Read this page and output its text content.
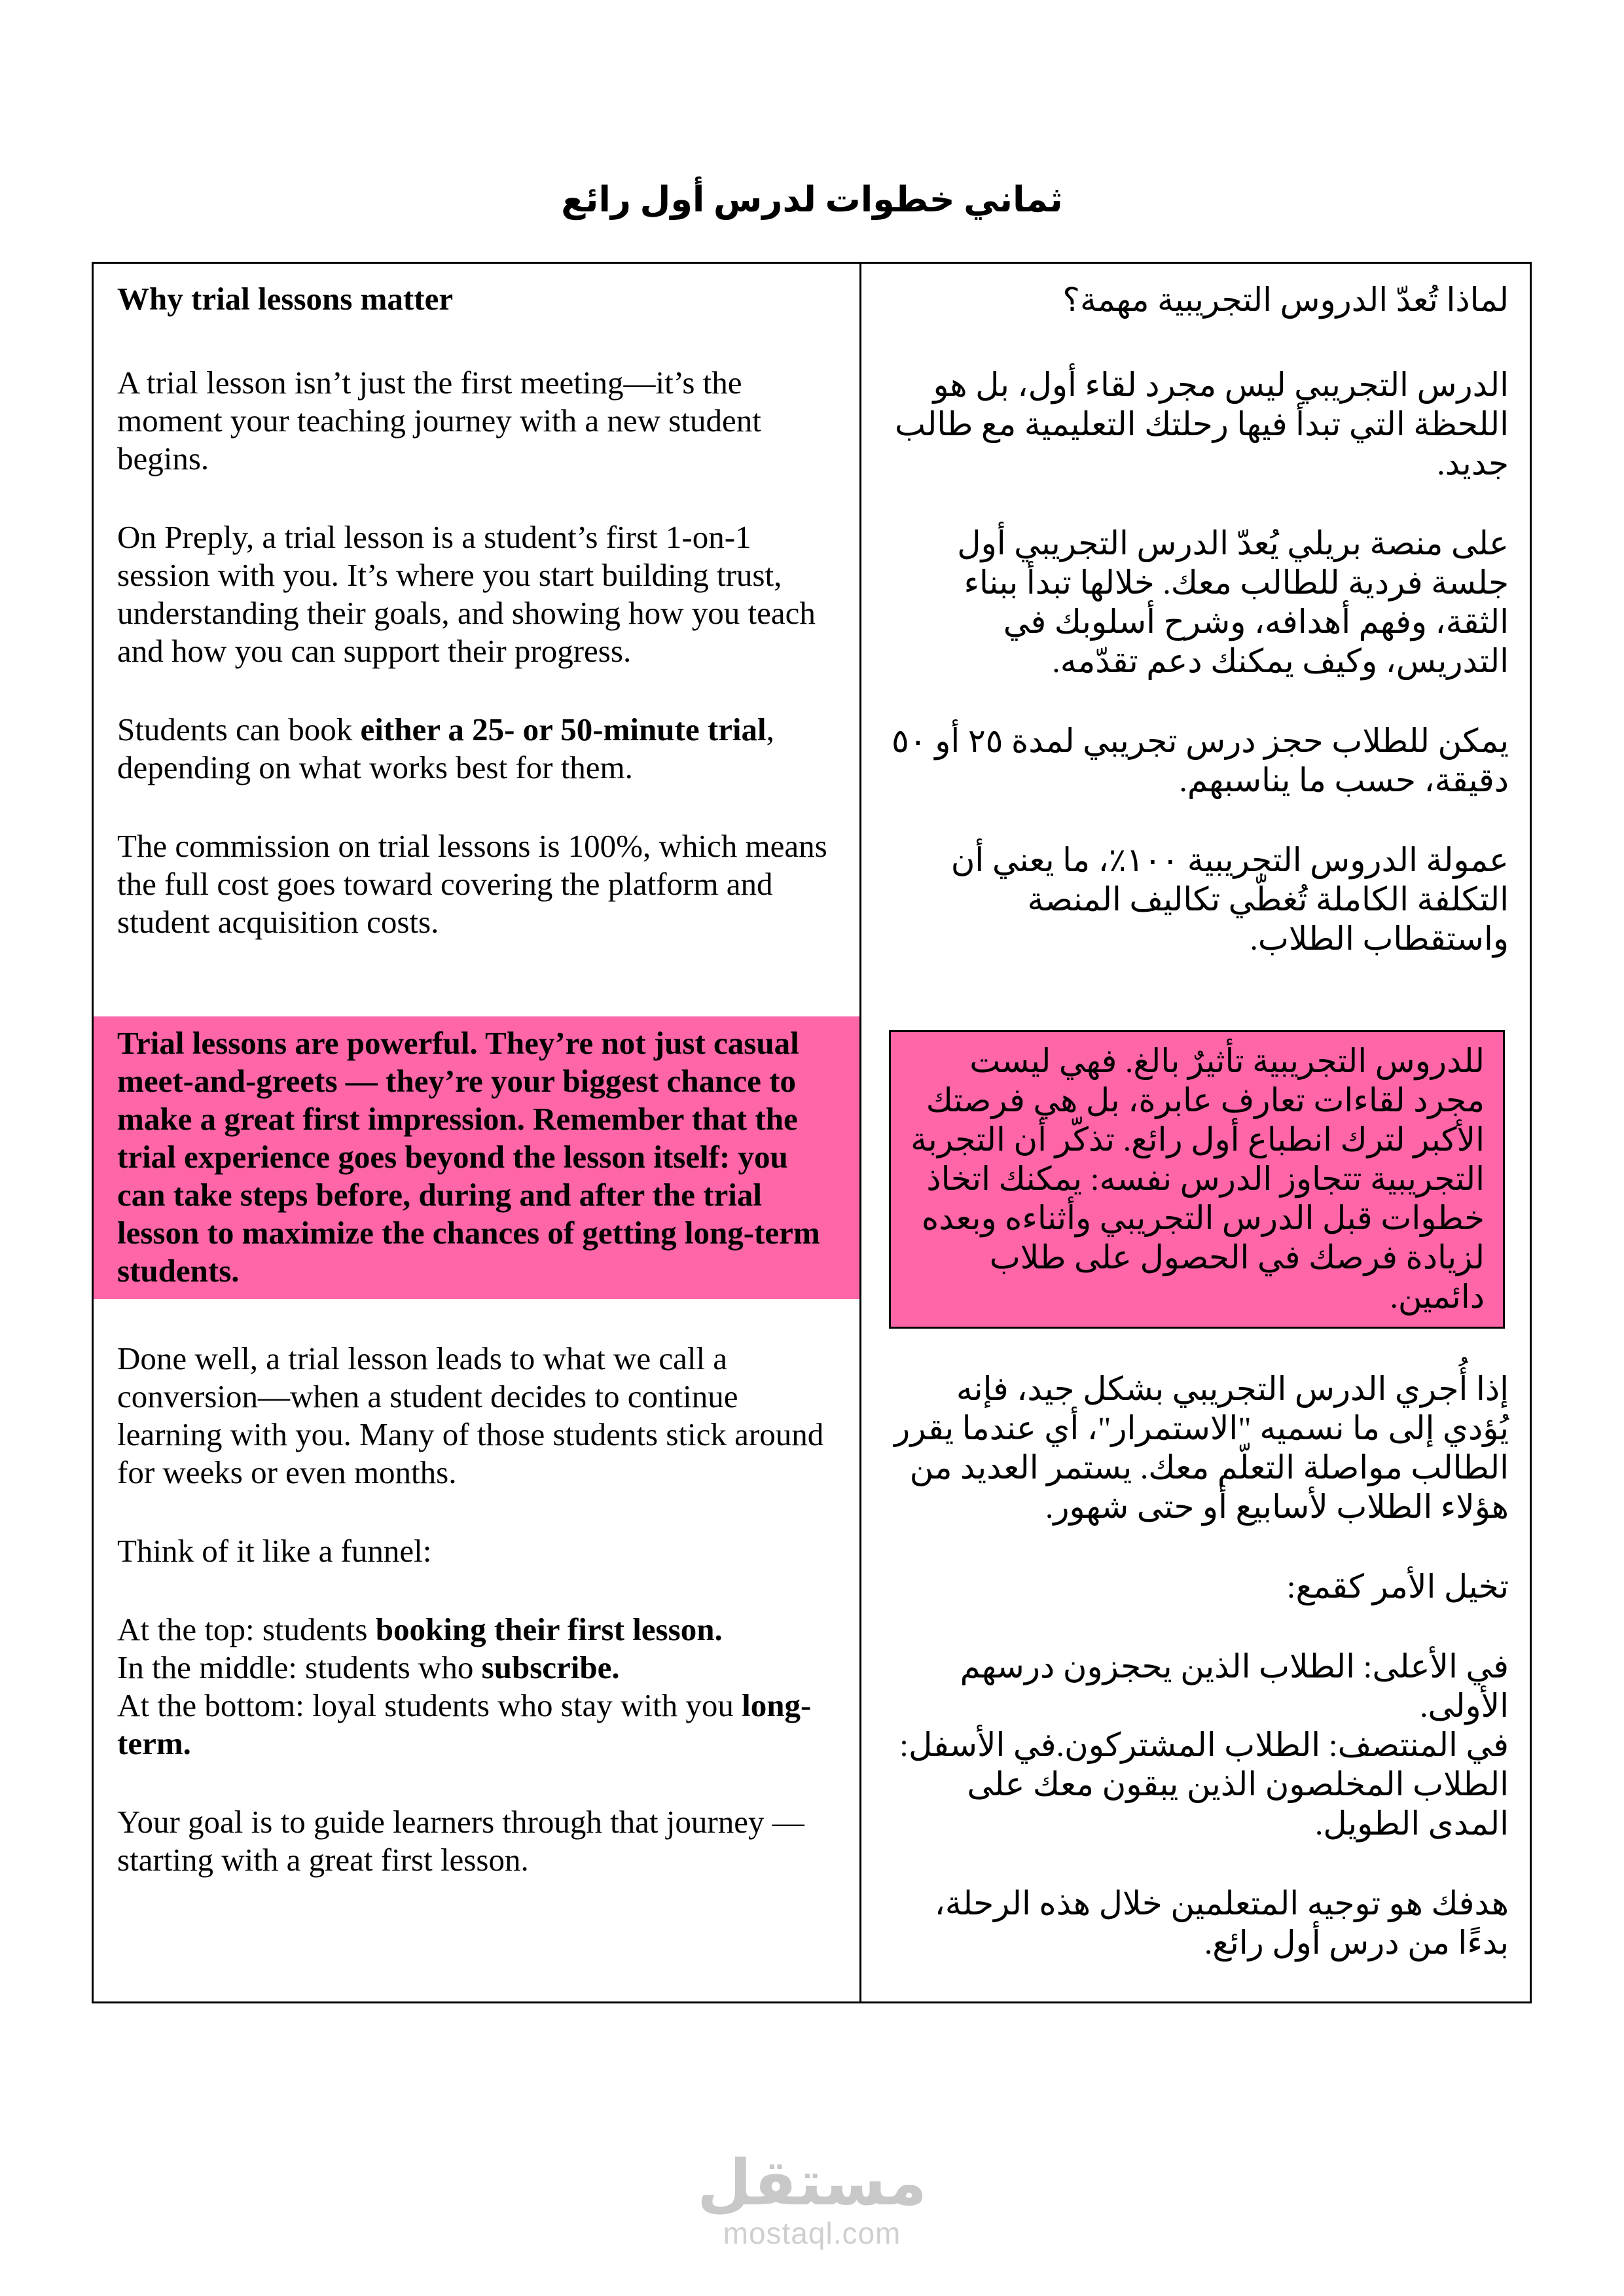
ثماني خطوات لدرس أول رائع

Why trial lessons matter

A trial lesson isn’t just the first meeting—it’s the moment your teaching journey with a new student begins.

On Preply, a trial lesson is a student’s first 1-on-1 session with you. It’s where you start building trust, understanding their goals, and showing how you teach and how you can support their progress.

Students can book either a 25- or 50-minute trial, depending on what works best for them.

The commission on trial lessons is 100%, which means the full cost goes toward covering the platform and student acquisition costs.

Trial lessons are powerful. They’re not just casual meet-and-greets — they’re your biggest chance to make a great first impression. Remember that the trial experience goes beyond the lesson itself: you can take steps before, during and after the trial lesson to maximize the chances of getting long-term students.

Done well, a trial lesson leads to what we call a conversion—when a student decides to continue learning with you. Many of those students stick around for weeks or even months.

Think of it like a funnel:

At the top: students booking their first lesson.
In the middle: students who subscribe.
At the bottom: loyal students who stay with you long-term.

Your goal is to guide learners through that journey — starting with a great first lesson.

لماذا تُعدّ الدروس التجريبية مهمة؟

الدرس التجريبي ليس مجرد لقاء أول، بل هو اللحظة التي تبدأ فيها رحلتك التعليمية مع طالب جديد.

على منصة بريلي يُعدّ الدرس التجريبي أول جلسة فردية للطالب معك. خلالها تبدأ ببناء الثقة، وفهم أهدافه، وشرح أسلوبك في التدريس، وكيف يمكنك دعم تقدّمه.

يمكن للطلاب حجز درس تجريبي لمدة ٢٥ أو ٥٠ دقيقة، حسب ما يناسبهم.

عمولة الدروس التجريبية ١٠٠٪، ما يعني أن التكلفة الكاملة تُغطّي تكاليف المنصة واستقطاب الطلاب.

للدروس التجريبية تأثيرٌ بالغ. فهي ليست مجرد لقاءات تعارف عابرة، بل هي فرصتك الأكبر لترك انطباع أول رائع. تذكّر أن التجربة التجريبية تتجاوز الدرس نفسه: يمكنك اتخاذ خطوات قبل الدرس التجريبي وأثناءه وبعده لزيادة فرصك في الحصول على طلاب دائمين.

إذا أُجري الدرس التجريبي بشكل جيد، فإنه يُؤدي إلى ما نسميه "الاستمرار"، أي عندما يقرر الطالب مواصلة التعلّم معك. يستمر العديد من هؤلاء الطلاب لأسابيع أو حتى شهور.

تخيل الأمر كقمع:

في الأعلى: الطلاب الذين يحجزون درسهم الأولى.
في المنتصف: الطلاب المشتركون.في الأسفل: الطلاب المخلصون الذين يبقون معك على المدى الطويل.

هدفك هو توجيه المتعلمين خلال هذه الرحلة، بدءًا من درس أول رائع.

مستقل
mostaql.com
